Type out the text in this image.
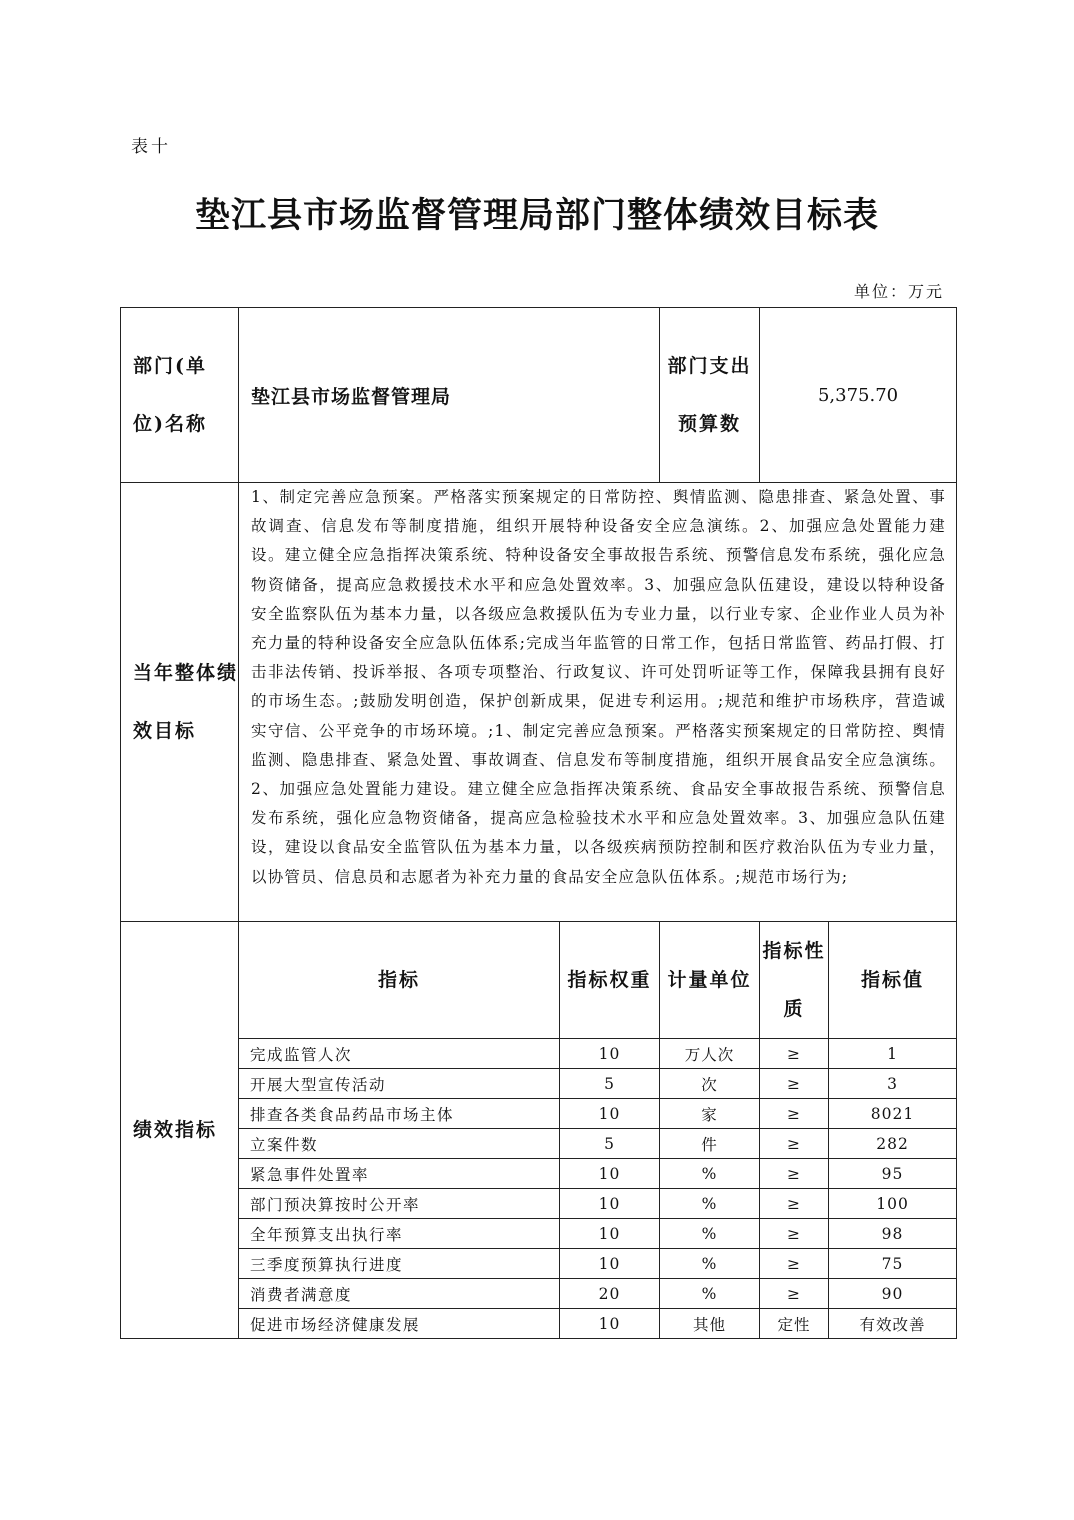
表十
垫江县市场监督管理局部门整体绩效目标表
单位：万元
部门(单位)名称	垫江县市场监督管理局		部门支出预算数	5,375.70	
当年整体绩效目标	1、制定完善应急预案。严格落实预案规定的日常防控、舆情监测、隐患排查、紧急处置、事故调查、信息发布等制度措施，组织开展特种设备安全应急演练。2、加强应急处置能力建设。建立健全应急指挥决策系统、特种设备安全事故报告系统、预警信息发布系统，强化应急物资储备，提高应急救援技术水平和应急处置效率。3、加强应急队伍建设，建设以特种设备安全监察队伍为基本力量，以各级应急救援队伍为专业力量，以行业专家、企业作业人员为补充力量的特种设备安全应急队伍体系;完成当年监管的日常工作，包括日常监管、药品打假、打击非法传销、投诉举报、各项专项整治、行政复议、许可处罚听证等工作，保障我县拥有良好的市场生态。;鼓励发明创造，保护创新成果，促进专利运用。;规范和维护市场秩序，营造诚实守信、公平竞争的市场环境。;1、制定完善应急预案。严格落实预案规定的日常防控、舆情监测、隐患排查、紧急处置、事故调查、信息发布等制度措施，组织开展食品安全应急演练。2、加强应急处置能力建设。建立健全应急指挥决策系统、食品安全事故报告系统、预警信息发布系统，强化应急物资储备，提高应急检验技术水平和应急处置效率。3、加强应急队伍建设，建设以食品安全监管队伍为基本力量，以各级疾病预防控制和医疗救治队伍为专业力量，以协管员、信息员和志愿者为补充力量的食品安全应急队伍体系。;规范市场行为;				
绩效指标	指标	指标权重	计量单位	指标性质	指标值
	完成监管人次	10	万人次	≥	1
	开展大型宣传活动	5	次	≥	3
	排查各类食品药品市场主体	10	家	≥	8021
	立案件数	5	件	≥	282
	紧急事件处置率	10	%	≥	95
	部门预决算按时公开率	10	%	≥	100
	全年预算支出执行率	10	%	≥	98
	三季度预算执行进度	10	%	≥	75
	消费者满意度	20	%	≥	90
	促进市场经济健康发展	10	其他	定性	有效改善
